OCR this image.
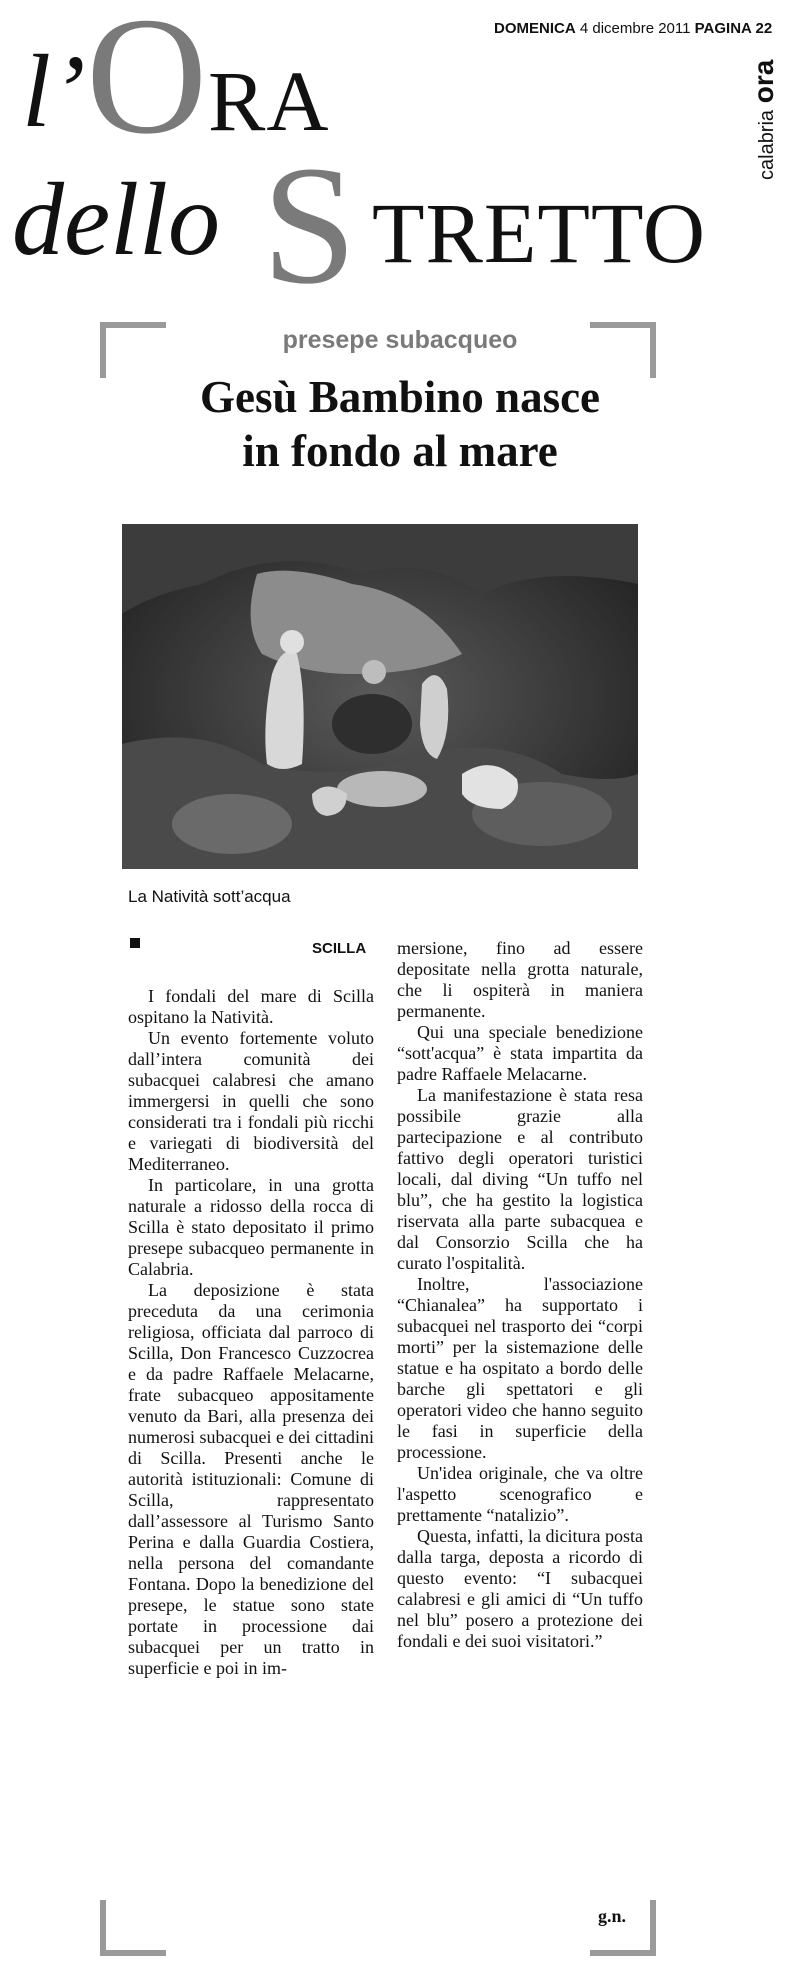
l’ O RA
dello S TRETTO
DOMENICA 4 dicembre 2011 PAGINA 22
calabria ora
presepe subacqueo
Gesù Bambino nasce
in fondo al mare
La Natività sott’acqua
SCILLA

I fondali del mare di Scilla ospitano la Natività.

Un evento fortemente voluto dall’intera comunità dei subacquei calabresi che amano immergersi in quelli che sono considerati tra i fondali più ricchi e variegati di biodiversità del Mediterraneo.

In particolare, in una grotta naturale a ridosso della rocca di Scilla è stato depositato il primo presepe subacqueo permanente in Calabria.

La deposizione è stata preceduta da una cerimonia religiosa, officiata dal parroco di Scilla, Don Francesco Cuzzocrea e da padre Raffaele Melacarne, frate subacqueo appositamente venuto da Bari, alla presenza dei numerosi subacquei e dei cittadini di Scilla. Presenti anche le autorità istituzionali: Comune di Scilla, rappresentato dall’assessore al Turismo Santo Perina e dalla Guardia Costiera, nella persona del comandante Fontana. Dopo la benedizione del presepe, le statue sono state portate in processione dai subacquei per un tratto in superficie e poi in im-

mersione, fino ad essere depositate nella grotta naturale, che li ospiterà in maniera permanente.

Qui una speciale benedizione “sott'acqua” è stata impartita da padre Raffaele Melacarne.

La manifestazione è stata resa possibile grazie alla partecipazione e al contributo fattivo degli operatori turistici locali, dal diving “Un tuffo nel blu”, che ha gestito la logistica riservata alla parte subacquea e dal Consorzio Scilla che ha curato l'ospitalità.

Inoltre, l'associazione “Chianalea” ha supportato i subacquei nel trasporto dei “corpi morti” per la sistemazione delle statue e ha ospitato a bordo delle barche gli spettatori e gli operatori video che hanno seguito le fasi in superficie della processione.

Un'idea originale, che va oltre l'aspetto scenografico e prettamente “natalizio”.

Questa, infatti, la dicitura posta dalla targa, deposta a ricordo di questo evento: “I subacquei calabresi e gli amici di “Un tuffo nel blu” posero a protezione dei fondali e dei suoi visitatori.”

g.n.
